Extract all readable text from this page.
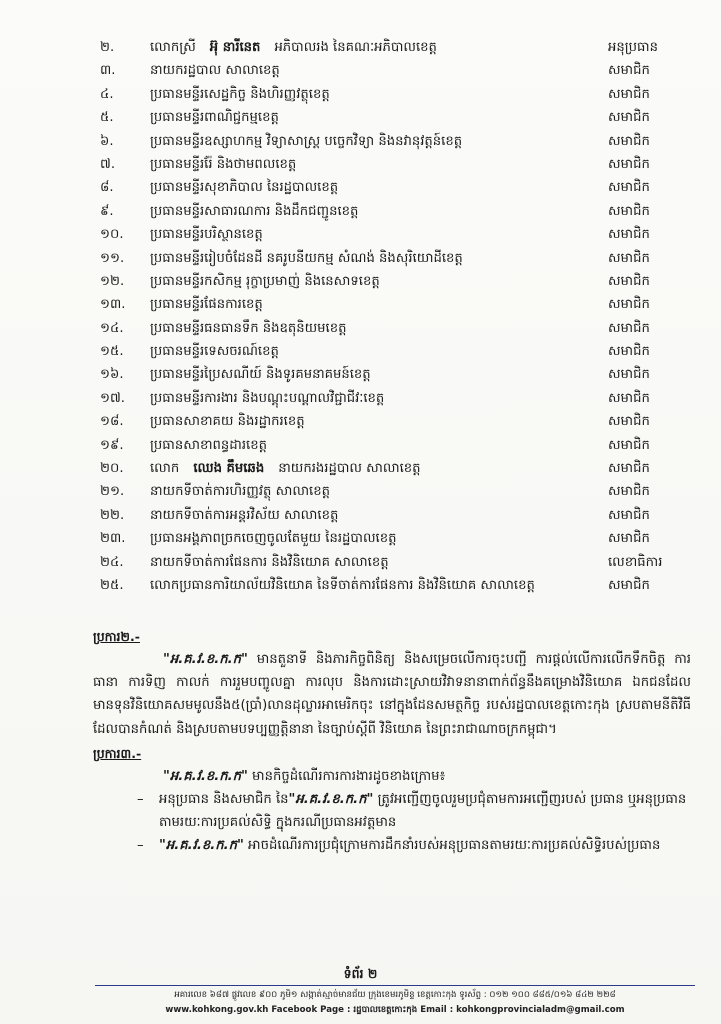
២.	លោកស្រី អ៊ុ នារីនេត អភិបាលរង នៃគណៈអភិបាលខេត្ត	អនុប្រធាន
៣.	នាយករដ្ឋបាល សាលាខេត្ត	សមាជិក
៤.	ប្រធានមន្ទីរសេដ្ឋកិច្ច និងហិរញ្ញវត្ថុខេត្ត	សមាជិក
៥.	ប្រធានមន្ទីរពាណិជ្ជកម្មខេត្ត	សមាជិក
៦.	ប្រធានមន្ទីរឧស្សាហកម្ម វិទ្យាសាស្ត្រ បច្ចេកវិទ្យា និងនវានុវត្តន៍ខេត្ត	សមាជិក
៧.	ប្រធានមន្ទីររ៉ែ និងថាមពលខេត្ត	សមាជិក
៨.	ប្រធានមន្ទីរសុខាភិបាល នៃរដ្ឋបាលខេត្ត	សមាជិក
៩.	ប្រធានមន្ទីរសាធារណការ និងដឹកជញ្ជូនខេត្ត	សមាជិក
១០.	ប្រធានមន្ទីរបរិស្ថានខេត្ត	សមាជិក
១១.	ប្រធានមន្ទីររៀបចំដែនដី នគរូបនីយកម្ម សំណង់ និងសុរិយោដីខេត្ត	សមាជិក
១២.	ប្រធានមន្ទីរកសិកម្ម រុក្ខាប្រមាញ់ និងនេសាទខេត្ត	សមាជិក
១៣.	ប្រធានមន្ទីរផែនការខេត្ត	សមាជិក
១៤.	ប្រធានមន្ទីរធនធានទឹក និងឧតុនិយមខេត្ត	សមាជិក
១៥.	ប្រធានមន្ទីរទេសចរណ៍ខេត្ត	សមាជិក
១៦.	ប្រធានមន្ទីរប្រៃសណីយ៍ និងទូរគមនាគមន៍ខេត្ត	សមាជិក
១៧.	ប្រធានមន្ទីរការងារ និងបណ្តុះបណ្តាលវិជ្ជាជីវៈខេត្ត	សមាជិក
១៨.	ប្រធានសាខាគយ និងរដ្ឋាករខេត្ត	សមាជិក
១៩.	ប្រធានសាខាពន្ធដារខេត្ត	សមាជិក
២០.	លោក ឈេង គឹមឆេង នាយករងរដ្ឋបាល សាលាខេត្ត	សមាជិក
២១.	នាយកទីចាត់ការហិរញ្ញវត្ថុ សាលាខេត្ត	សមាជិក
២២.	នាយកទីចាត់ការអន្តរវិស័យ សាលាខេត្ត	សមាជិក
២៣.	ប្រធានអង្គភាពច្រកចេញចូលតែមួយ នៃរដ្ឋបាលខេត្ត	សមាជិក
២៤.	នាយកទីចាត់ការផែនការ និងវិនិយោគ សាលាខេត្ត	លេខាធិការ
២៥.	លោកប្រធានការិយាល័យវិនិយោគ នៃទីចាត់ការផែនការ និងវិនិយោគ សាលាខេត្ត	សមាជិក

ប្រការ២.-

"អ.គ.វ.ខ.ក.ក" មានតួនាទី និងភារកិច្ចពិនិត្យ និងសម្រេចលើការចុះបញ្ជី ការផ្តល់លើការលើកទឹកចិត្ត ការធានា ការទិញ កាលក់ ការរួមបញ្ចូលគ្នា ការលុប និងការដោះស្រាយវិវាទនានាពាក់ព័ន្ធនឹងគម្រោងវិនិយោគ ឯកជនដែលមានទុនវិនិយោគសមមូលនឹង៥(ប្រាំ)លានដុល្លារអាមេរិកចុះ នៅក្នុងដែនសមត្ថកិច្ច របស់រដ្ឋបាលខេត្តកោះកុង ស្របតាមនីតិវិធីដែលបានកំណត់ និងស្របតាមបទប្បញ្ញត្តិនានា នៃច្បាប់ស្តីពី វិនិយោគ នៃព្រះរាជាណាចក្រកម្ពុជា។

ប្រការ៣.-

"អ.គ.វ.ខ.ក.ក" មានកិច្ចដំណើរការការងារដូចខាងក្រោម៖

– អនុប្រធាន និងសមាជិក នៃ"អ.គ.វ.ខ.ក.ក" ត្រូវអញ្ជើញចូលរួមប្រជុំតាមការអញ្ជើញរបស់ ប្រធាន ឬអនុប្រធានតាមរយៈការប្រគល់សិទ្ធិ ក្នុងករណីប្រធានអវត្តមាន
– "អ.គ.វ.ខ.ក.ក" អាចដំណើរការប្រជុំក្រោមការដឹកនាំរបស់អនុប្រធានតាមរយៈការប្រគល់សិទ្ធិរបស់ប្រធាន
ទំព័រ ២
អគារលេខ ៦៨៧ ផ្លូវលេខ ៩០០ ភូមិ១ សង្កាត់ស្មាច់មានជ័យ ក្រុងខេមរភូមិន្ទ ខេត្តកោះកុង ទូរស័ព្ទ : ០១២ ១០០ ៨៨៥/០១៦ ៨៤២ ២២៨
www.kohkong.gov.kh Facebook Page : រដ្ឋបាលខេត្តកោះកុង Email : kohkongprovincialadm@gmail.com
